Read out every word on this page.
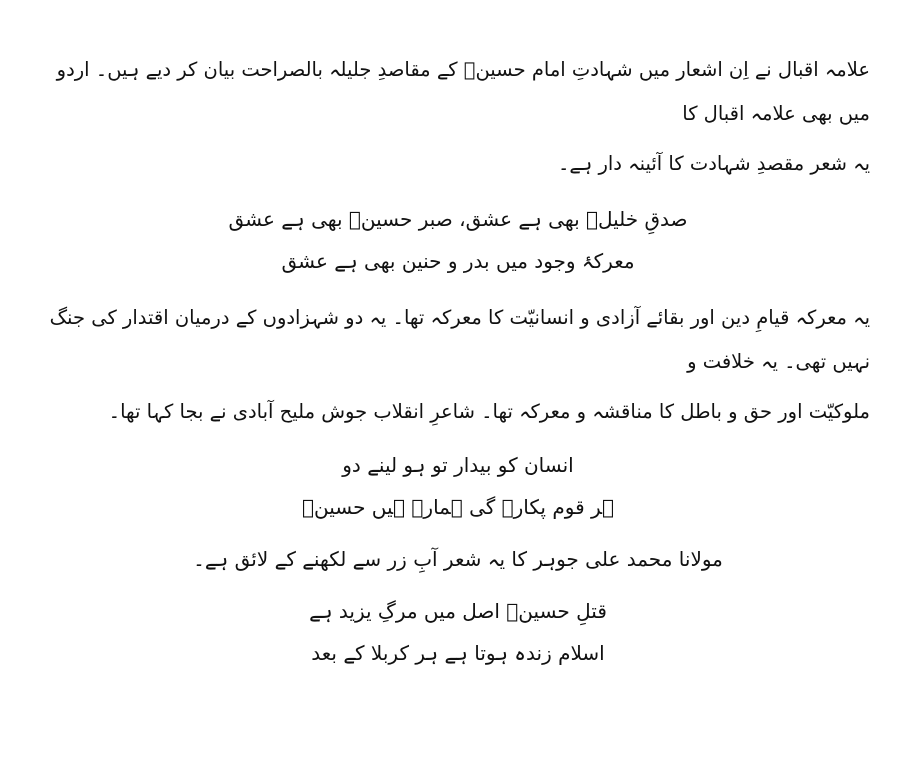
علامہ اقبال نے اِن اشعار میں شہادتِ امام حسینؓ کے مقاصدِ جلیلہ بالصراحت بیان کر دیے ہیں۔ اردو میں بھی علامہ اقبال کا

یہ شعر مقصدِ شہادت کا آئینہ دار ہے۔

صدقِ خلیلؑ بھی ہے عشق، صبر حسینؓ بھی ہے عشق

معرکۂ وجود میں بدر و حنین بھی ہے عشق

یہ معرکہ قیامِ دین اور بقائے آزادی و انسانیّت کا معرکہ تھا۔ یہ دو شہزادوں کے درمیان اقتدار کی جنگ نہیں تھی۔ یہ خلافت و

ملوکیّت اور حق و باطل کا مناقشہ و معرکہ تھا۔ شاعرِ انقلاب جوش ملیح آبادی نے بجا کہا تھا۔

انسان کو بیدار تو ہو لینے دو

ہر قوم پکارے گی ہمارے ہیں حسینؓ

مولانا محمد علی جوہر کا یہ شعر آبِ زر سے لکھنے کے لائق ہے۔

قتلِ حسینؓ اصل میں مرگِ یزید ہے

اسلام زندہ ہوتا ہے ہر کربلا کے بعد
